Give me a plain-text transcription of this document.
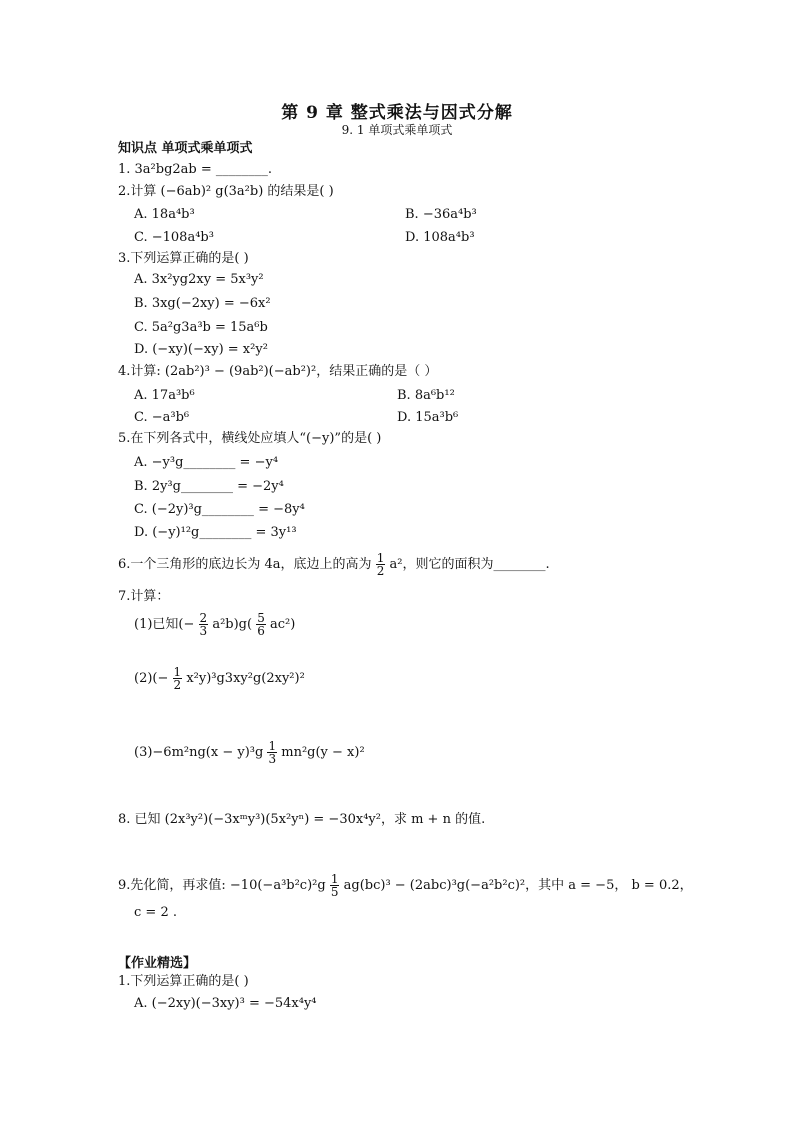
第 9 章 整式乘法与因式分解
9. 1 单项式乘单项式
知识点 单项式乘单项式
1. 3a²bg2ab = ________.
2.计算 (−6ab)² g(3a²b) 的结果是( )
A. 18a⁴b³	B. −36a⁴b³
C. −108a⁴b³	D. 108a⁴b³
3.下列运算正确的是( )
A. 3x²yg2xy = 5x³y²
B. 3xg(−2xy) = −6x²
C. 5a²g3a³b = 15a⁶b
D. (−xy)(−xy) = x²y²
4.计算: (2ab²)³ − (9ab²)(−ab²)²，结果正确的是（ ）
A. 17a³b⁶	B. 8a⁶b¹²
C. −a³b⁶	D. 15a³b⁶
5.在下列各式中，横线处应填人“(−y)”的是( )
A. −y³g________ = −y⁴
B. 2y³g________ = −2y⁴
C. (−2y)³g________ = −8y⁴
D. (−y)¹²g________ = 3y¹³
6.一个三角形的底边长为 4a，底边上的高为 $\frac{1}{2} a^2$，则它的面积为________.
7.计算：
(1)已知(− $\frac{2}{3} a^2b)g( \frac{5}{6} ac^2)$
$(2)(- \frac{1}{2} x^2y)^3g3xy^2g(2xy^2)^2$
$(3)-6m^2ng(x - y)^3g \frac{1}{3} mn^2g(y - x)^2$
8. 已知 (2x³y²)(−3xᵐy³)(5x²yⁿ) = −30x⁴y²，求 m + n 的值.
9.先化简，再求值: $-10(-a^3b^2c)^2g \frac{1}{5} ag(bc)^3 - (2abc)^3g(-a^2b^2c)^2$，其中 a = −5， b = 0.2，
c = 2 .
【作业精选】
1.下列运算正确的是( )
A. (−2xy)(−3xy)³ = −54x⁴y⁴
